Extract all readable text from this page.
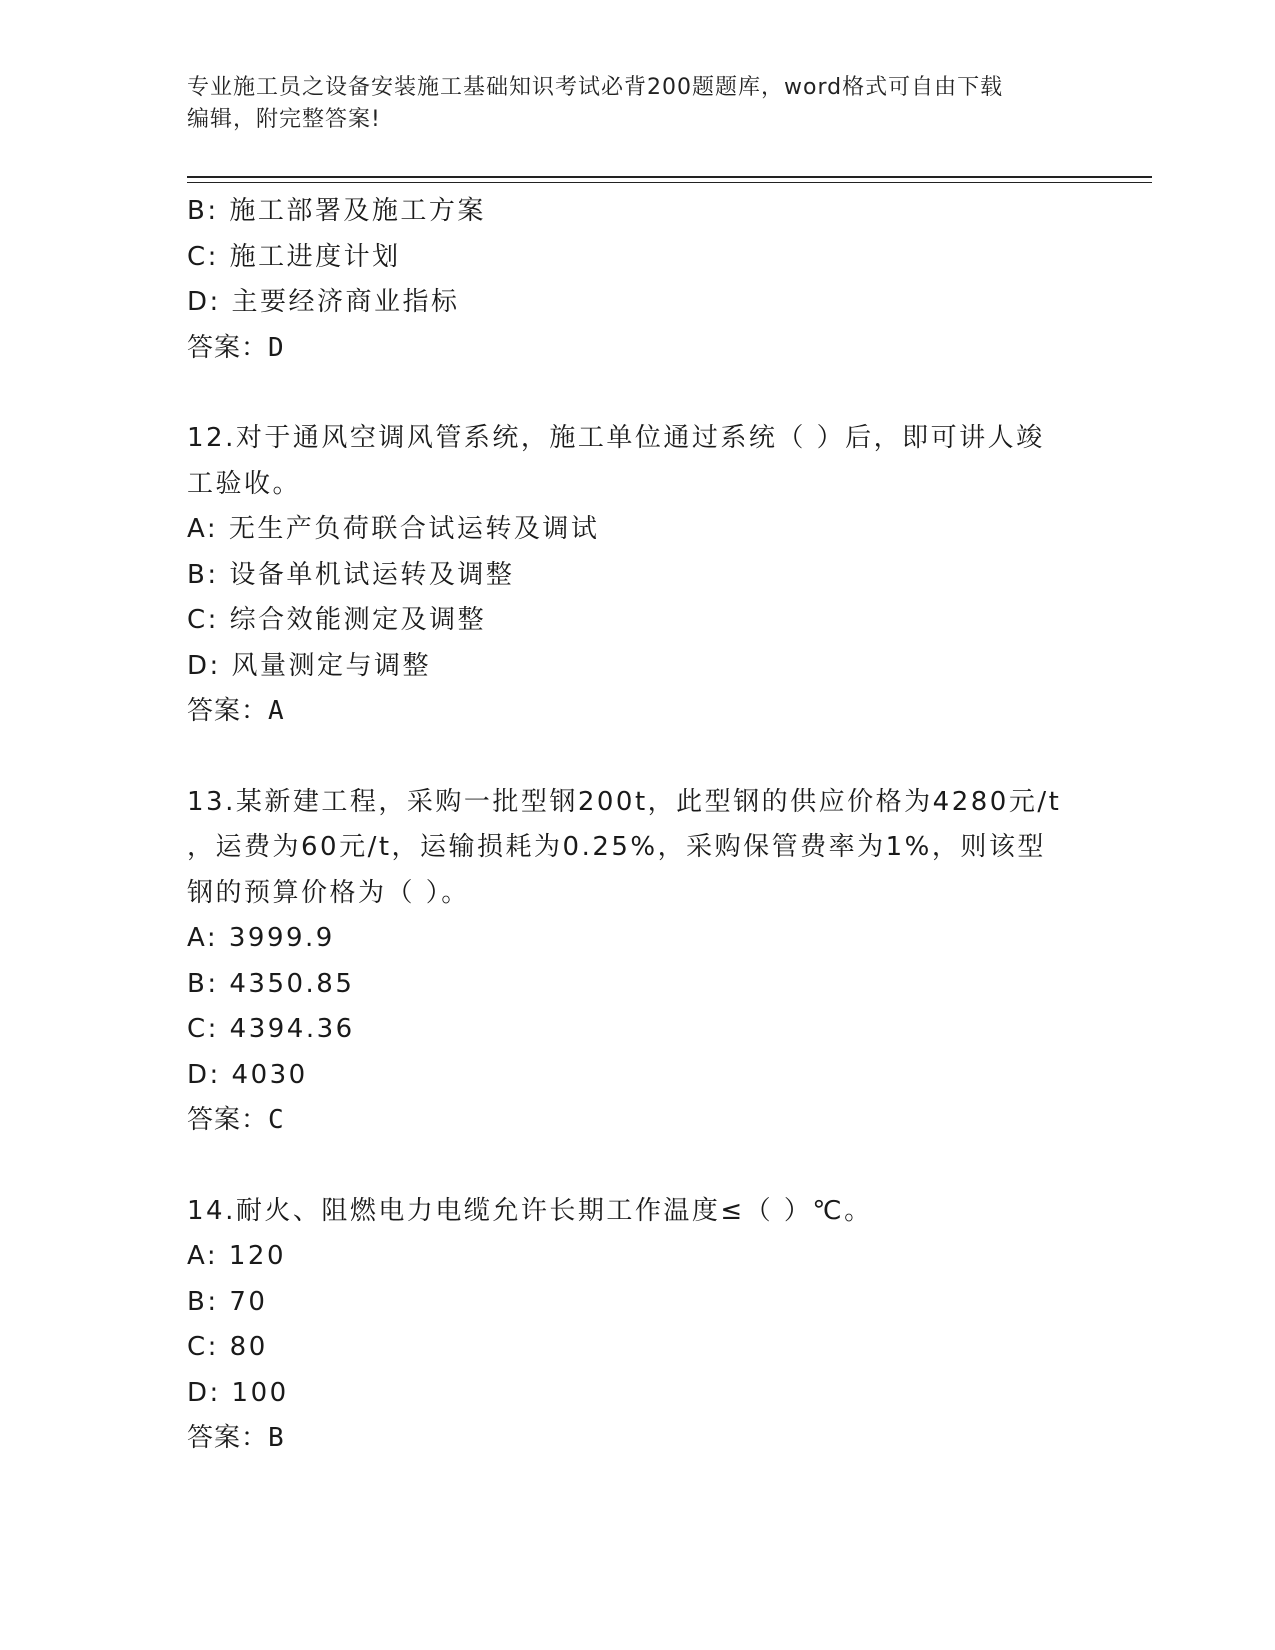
专业施工员之设备安装施工基础知识考试必背200题题库，word格式可自由下载
编辑，附完整答案!
B: 施工部署及施工方案
C: 施工进度计划
D: 主要经济商业指标
答案：D
12.对于通风空调风管系统，施工单位通过系统（ ）后，即可讲人竣
工验收。
A: 无生产负荷联合试运转及调试
B: 设备单机试运转及调整
C: 综合效能测定及调整
D: 风量测定与调整
答案：A
13.某新建工程，采购一批型钢200t，此型钢的供应价格为4280元/t
，运费为60元/t，运输损耗为0.25%，采购保管费率为1%，则该型
钢的预算价格为（ ）。
A: 3999.9
B: 4350.85
C: 4394.36
D: 4030
答案：C
14.耐火、阻燃电力电缆允许长期工作温度≤（ ）℃。
A: 120
B: 70
C: 80
D: 100
答案：B
